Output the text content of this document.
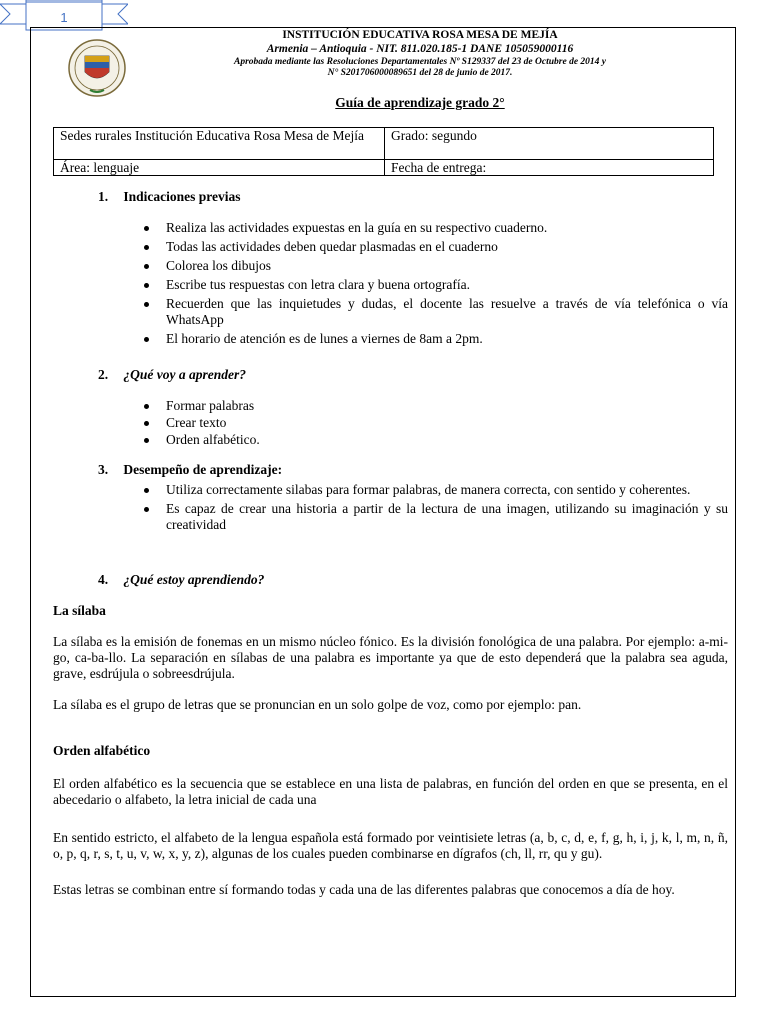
1
INSTITUCIÓN EDUCATIVA ROSA MESA DE MEJÍA
Armenia – Antioquia - NIT. 811.020.185-1 DANE 105059000116
Aprobada mediante las Resoluciones Departamentales Nº S129337 del 23 de Octubre de 2014 y
N° S201706000089651 del 28 de junio de 2017.
Guía de aprendizaje grado 2°
Sedes rurales Institución Educativa Rosa Mesa de Mejía	Grado: segundo
Área: lenguaje	Fecha de entrega:
1. Indicaciones previas
Realiza las actividades expuestas en la guía en su respectivo cuaderno.
Todas las actividades deben quedar plasmadas en el cuaderno
Colorea los dibujos
Escribe tus respuestas con letra clara y buena ortografía.
Recuerden que las inquietudes y dudas, el docente las resuelve a través de vía telefónica o vía WhatsApp
El horario de atención es de lunes a viernes de 8am a 2pm.
2. ¿Qué voy a aprender?
Formar palabras
Crear texto
Orden alfabético.
3. Desempeño de aprendizaje:
Utiliza correctamente silabas para formar palabras, de manera correcta, con sentido y coherentes.
Es capaz de crear una historia a partir de la lectura de una imagen, utilizando su imaginación y su creatividad
4. ¿Qué estoy aprendiendo?
La sílaba

La sílaba es la emisión de fonemas en un mismo núcleo fónico. Es la división fonológica de una palabra. Por ejemplo: a-mi-go, ca-ba-llo. La separación en sílabas de una palabra es importante ya que de esto dependerá que la palabra sea aguda, grave, esdrújula o sobreesdrújula.

La sílaba es el grupo de letras que se pronuncian en un solo golpe de voz, como por ejemplo: pan.

Orden alfabético

El orden alfabético es la secuencia que se establece en una lista de palabras, en función del orden en que se presenta, en el abecedario o alfabeto, la letra inicial de cada una

En sentido estricto, el alfabeto de la lengua española está formado por veintisiete letras (a, b, c, d, e, f, g, h, i, j, k, l, m, n, ñ, o, p, q, r, s, t, u, v, w, x, y, z), algunas de los cuales pueden combinarse en dígrafos (ch, ll, rr, qu y gu).

Estas letras se combinan entre sí formando todas y cada una de las diferentes palabras que conocemos a día de hoy.
